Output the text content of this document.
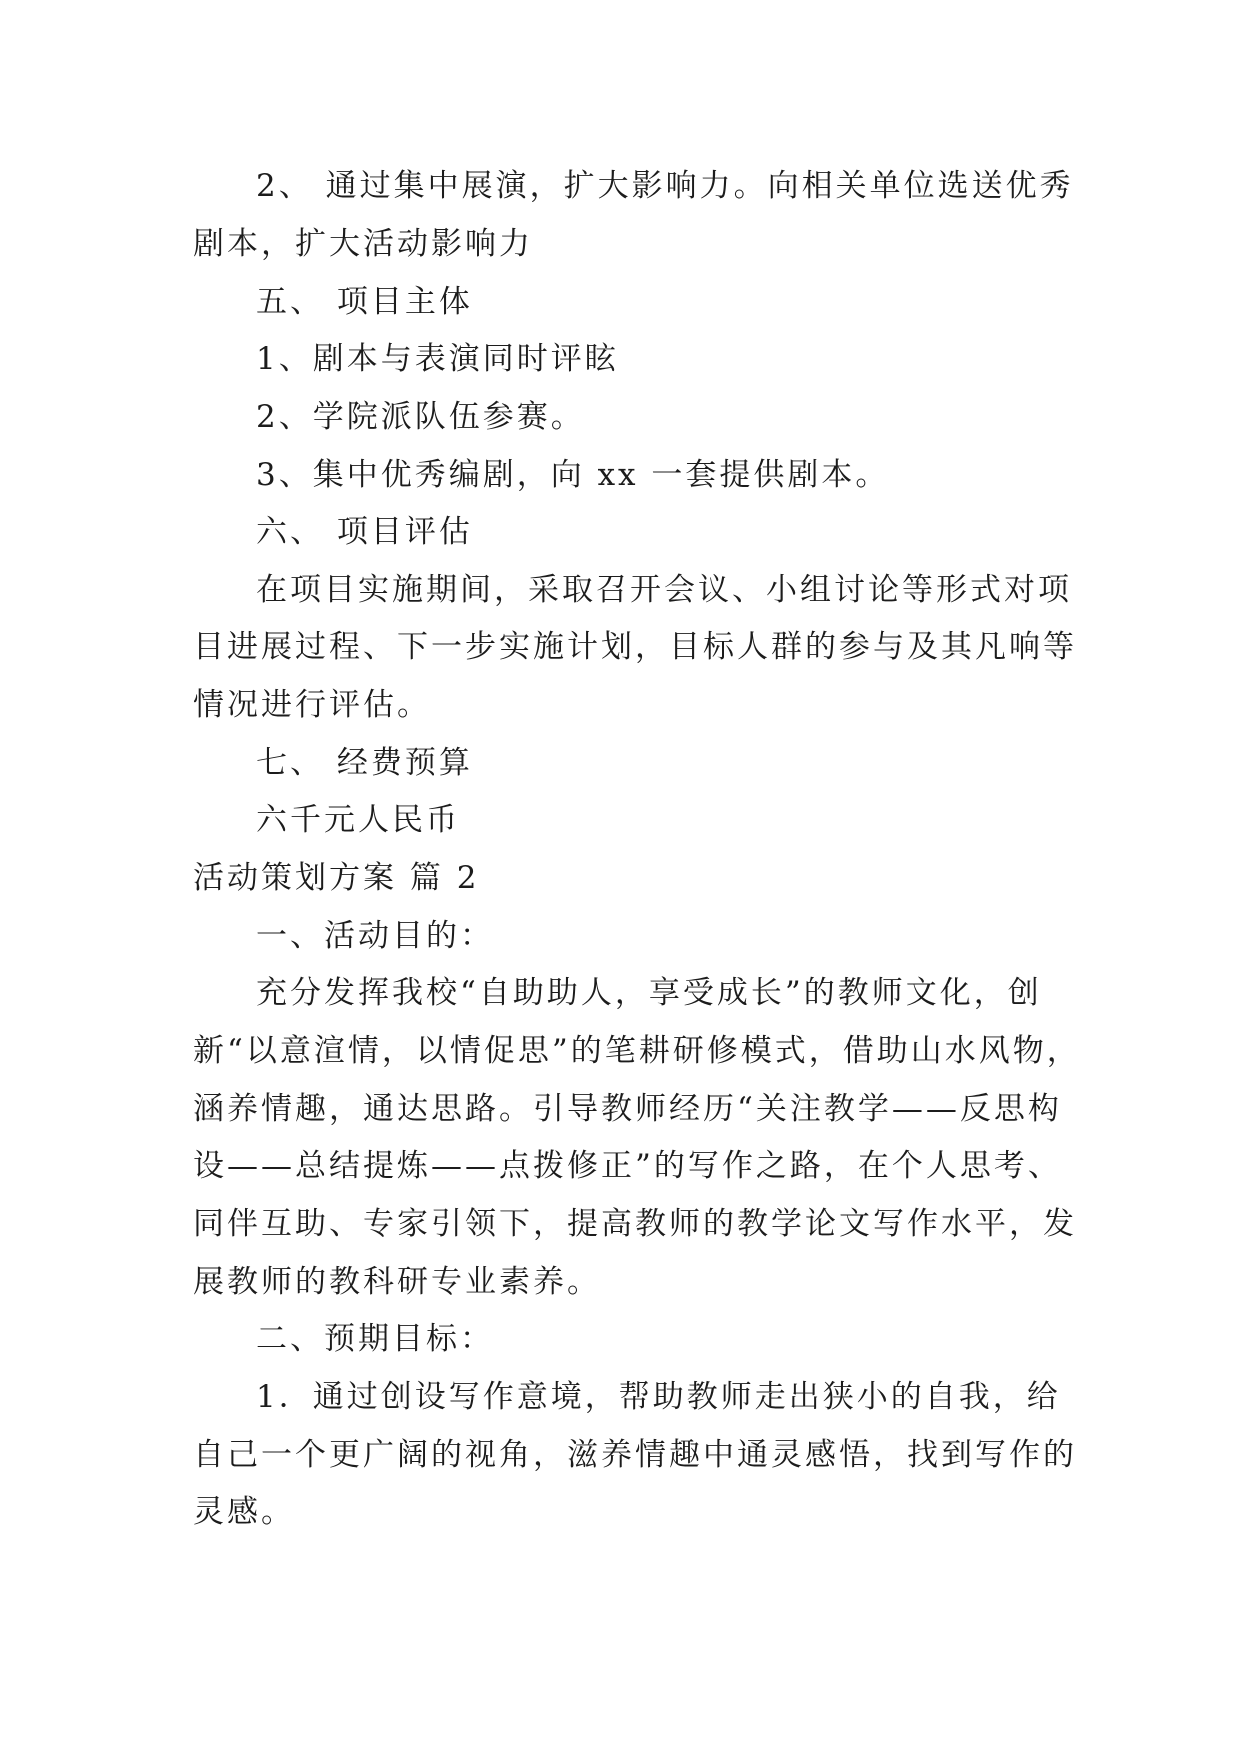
2、 通过集中展演，扩大影响力。向相关单位选送优秀

剧本，扩大活动影响力

五、 项目主体

1、剧本与表演同时评眩

2、学院派队伍参赛。

3、集中优秀编剧，向 xx 一套提供剧本。

六、 项目评估

在项目实施期间，采取召开会议、小组讨论等形式对项

目进展过程、下一步实施计划，目标人群的参与及其凡响等

情况进行评估。

七、 经费预算

六千元人民币

活动策划方案 篇 2

一、活动目的：

充分发挥我校“自助助人，享受成长”的教师文化，创

新“以意渲情，以情促思”的笔耕研修模式，借助山水风物，

涵养情趣，通达思路。引导教师经历“关注教学——反思构

设——总结提炼——点拨修正”的写作之路，在个人思考、

同伴互助、专家引领下，提高教师的教学论文写作水平，发

展教师的教科研专业素养。

二、预期目标：

1．通过创设写作意境，帮助教师走出狭小的自我，给

自己一个更广阔的视角，滋养情趣中通灵感悟，找到写作的

灵感。
